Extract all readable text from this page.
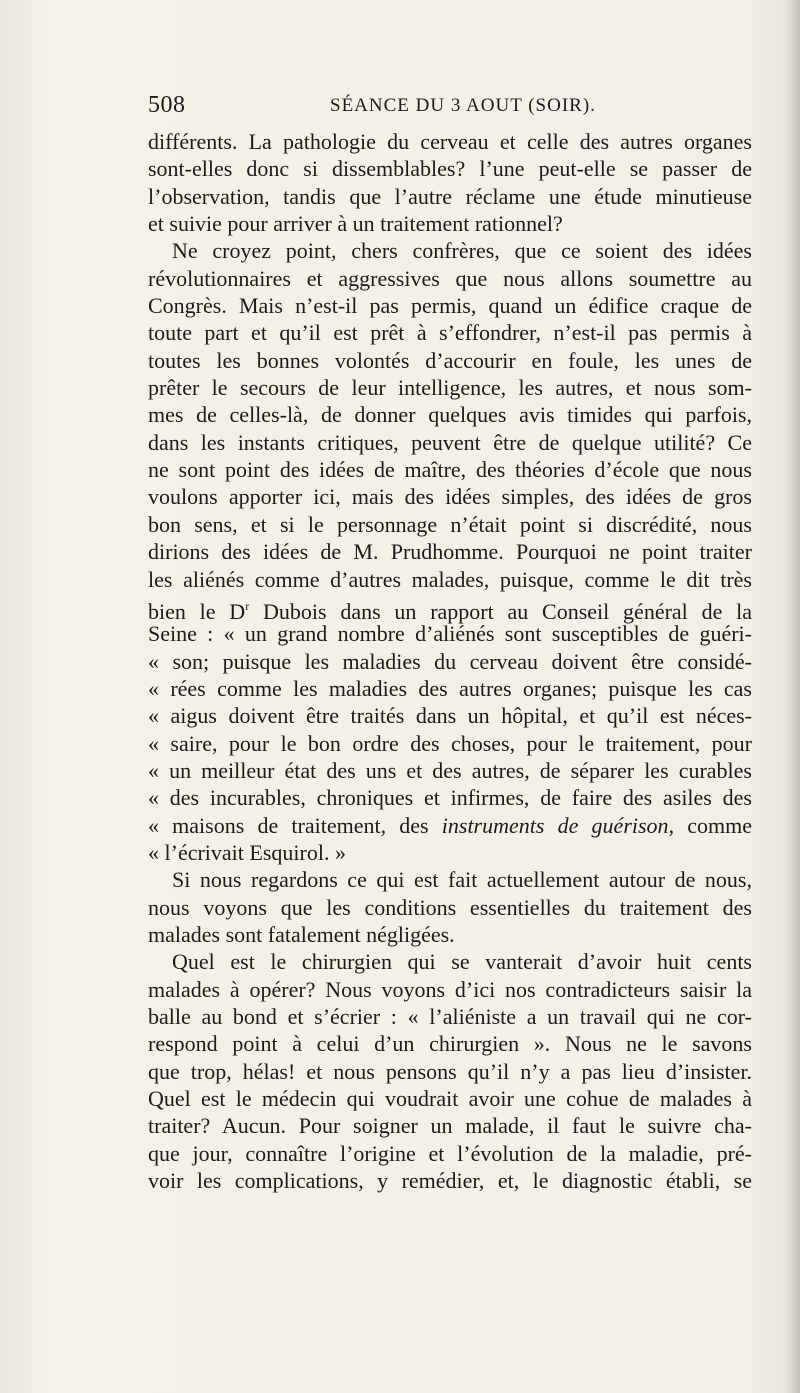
508	SÉANCE DU 3 AOUT (SOIR).
différents. La pathologie du cerveau et celle des autres organes
sont-elles donc si dissemblables? l’une peut-elle se passer de
l’observation, tandis que l’autre réclame une étude minutieuse
et suivie pour arriver à un traitement rationnel?
Ne croyez point, chers confrères, que ce soient des idées
révolutionnaires et aggressives que nous allons soumettre au
Congrès. Mais n’est-il pas permis, quand un édifice craque de
toute part et qu’il est prêt à s’effondrer, n’est-il pas permis à
toutes les bonnes volontés d’accourir en foule, les unes de
prêter le secours de leur intelligence, les autres, et nous som-
mes de celles-là, de donner quelques avis timides qui parfois,
dans les instants critiques, peuvent être de quelque utilité? Ce
ne sont point des idées de maître, des théories d’école que nous
voulons apporter ici, mais des idées simples, des idées de gros
bon sens, et si le personnage n’était point si discrédité, nous
dirions des idées de M. Prudhomme. Pourquoi ne point traiter
les aliénés comme d’autres malades, puisque, comme le dit très
bien le $D^r$ Dubois dans un rapport au Conseil général de la
Seine : « un grand nombre d’aliénés sont susceptibles de guéri-
« son; puisque les maladies du cerveau doivent être considé-
« rées comme les maladies des autres organes; puisque les cas
« aigus doivent être traités dans un hôpital, et qu’il est néces-
« saire, pour le bon ordre des choses, pour le traitement, pour
« un meilleur état des uns et des autres, de séparer les curables
« des incurables, chroniques et infirmes, de faire des asiles des
« maisons de traitement, des instruments de guérison, comme
« l’écrivait Esquirol. »
Si nous regardons ce qui est fait actuellement autour de nous,
nous voyons que les conditions essentielles du traitement des
malades sont fatalement négligées.
Quel est le chirurgien qui se vanterait d’avoir huit cents
malades à opérer? Nous voyons d’ici nos contradicteurs saisir la
balle au bond et s’écrier : « l’aliéniste a un travail qui ne cor-
respond point à celui d’un chirurgien ». Nous ne le savons
que trop, hélas! et nous pensons qu’il n’y a pas lieu d’insister.
Quel est le médecin qui voudrait avoir une cohue de malades à
traiter? Aucun. Pour soigner un malade, il faut le suivre cha-
que jour, connaître l’origine et l’évolution de la maladie, pré-
voir les complications, y remédier, et, le diagnostic établi, se
